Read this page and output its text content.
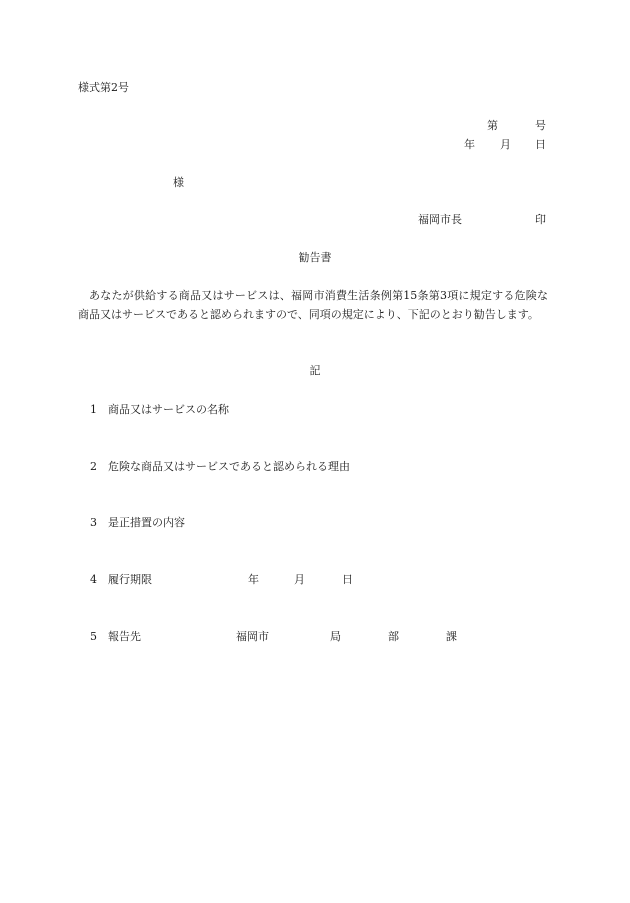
様式第2号
第	号
年 月 日
様
福岡市長	印
勧告書
あなたが供給する商品又はサービスは、福岡市消費生活条例第15条第3項に規定する危険な商品又はサービスであると認められますので、同項の規定により、下記のとおり勧告します。
記
1 商品又はサービスの名称
2 危険な商品又はサービスであると認められる理由
3 是正措置の内容
4 履行期限	年	月	日
5 報告先	福岡市	局	部	課
